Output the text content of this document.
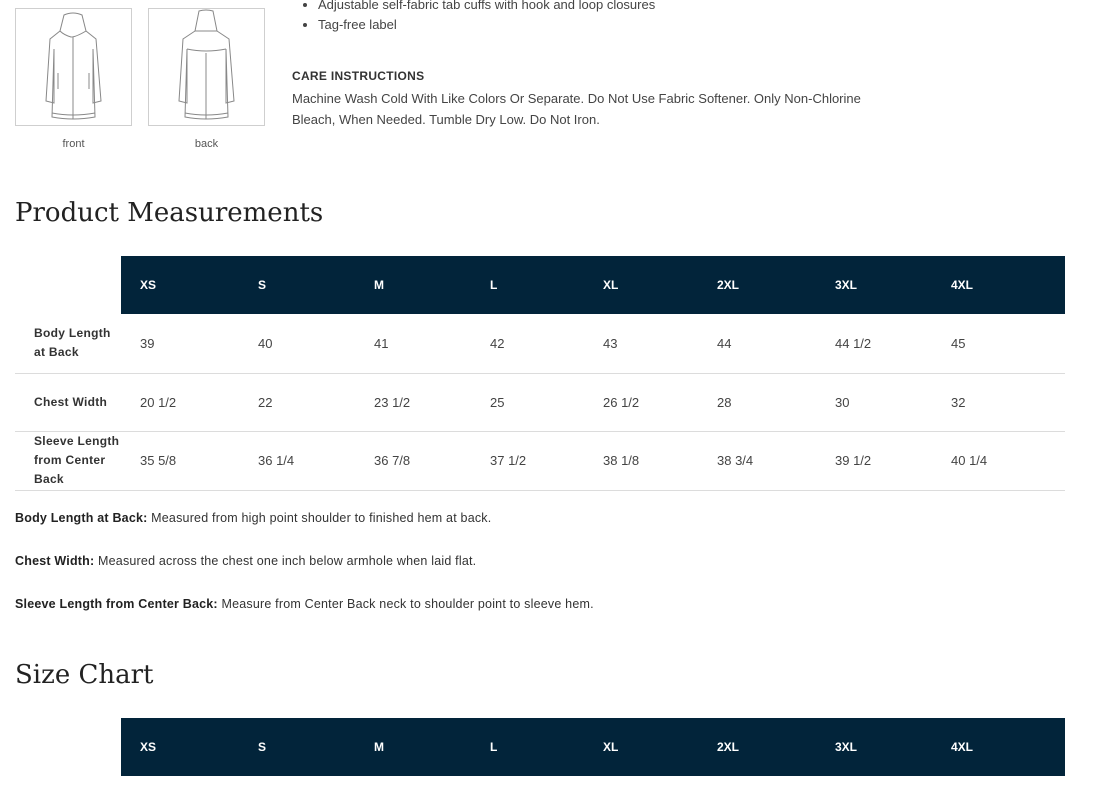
front	back
• Adjustable self-fabric tab cuffs with hook and loop closures
• Tag-free label
CARE INSTRUCTIONS
Machine Wash Cold With Like Colors Or Separate. Do Not Use Fabric Softener. Only Non-Chlorine Bleach, When Needed. Tumble Dry Low. Do Not Iron.
Product Measurements
	XS	S	M	L	XL	2XL	3XL	4XL
Body Length at Back	39	40	41	42	43	44	44 1/2	45
Chest Width	20 1/2	22	23 1/2	25	26 1/2	28	30	32
Sleeve Length from Center Back	35 5/8	36 1/4	36 7/8	37 1/2	38 1/8	38 3/4	39 1/2	40 1/4
Body Length at Back: Measured from high point shoulder to finished hem at back.
Chest Width: Measured across the chest one inch below armhole when laid flat.
Sleeve Length from Center Back: Measure from Center Back neck to shoulder point to sleeve hem.
Size Chart
	XS	S	M	L	XL	2XL	3XL	4XL
